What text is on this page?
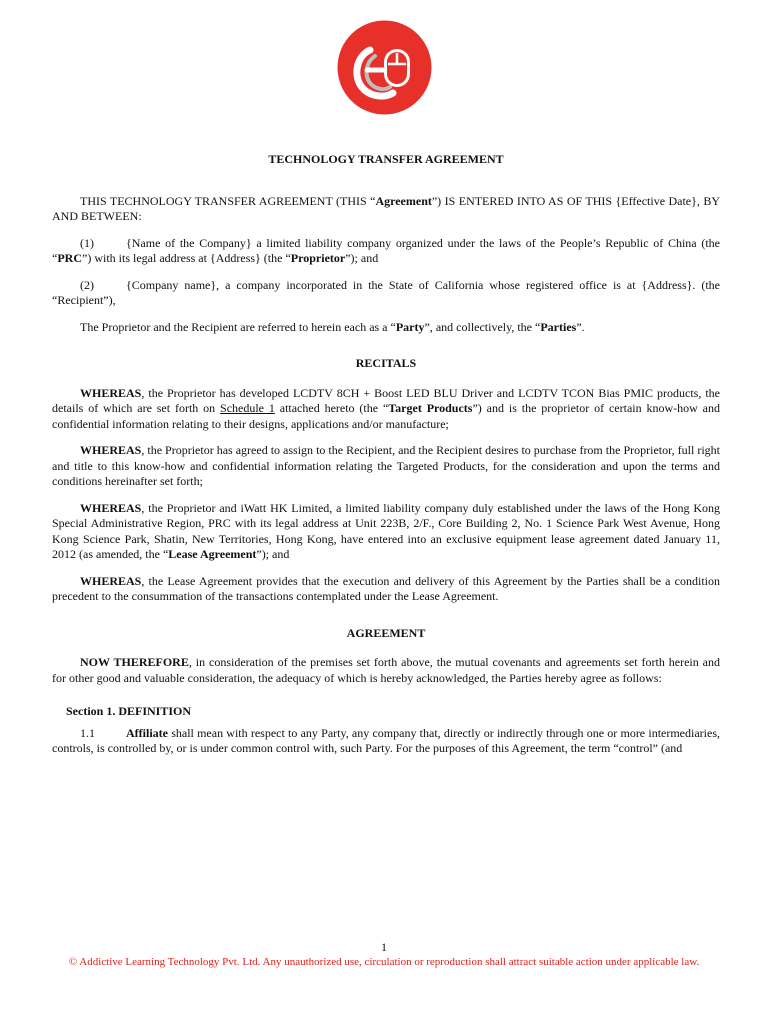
TECHNOLOGY TRANSFER AGREEMENT

THIS TECHNOLOGY TRANSFER AGREEMENT (THIS “Agreement”) IS ENTERED INTO AS OF THIS {Effective Date}, BY AND BETWEEN:

(1)	{Name of the Company} a limited liability company organized under the laws of the People’s Republic of China (the “PRC”) with its legal address at {Address} (the “Proprietor”); and

(2)	{Company name}, a company incorporated in the State of California whose registered office is at {Address}. (the “Recipient”),

The Proprietor and the Recipient are referred to herein each as a “Party”, and collectively, the “Parties”.

RECITALS

WHEREAS, the Proprietor has developed LCDTV 8CH + Boost LED BLU Driver and LCDTV TCON Bias PMIC products, the details of which are set forth on Schedule 1 attached hereto (the “Target Products”) and is the proprietor of certain know-how and confidential information relating to their designs, applications and/or manufacture;

WHEREAS, the Proprietor has agreed to assign to the Recipient, and the Recipient desires to purchase from the Proprietor, full right and title to this know-how and confidential information relating the Targeted Products, for the consideration and upon the terms and conditions hereinafter set forth;

WHEREAS, the Proprietor and iWatt HK Limited, a limited liability company duly established under the laws of the Hong Kong Special Administrative Region, PRC with its legal address at Unit 223B, 2/F., Core Building 2, No. 1 Science Park West Avenue, Hong Kong Science Park, Shatin, New Territories, Hong Kong, have entered into an exclusive equipment lease agreement dated January 11, 2012 (as amended, the “Lease Agreement”); and

WHEREAS, the Lease Agreement provides that the execution and delivery of this Agreement by the Parties shall be a condition precedent to the consummation of the transactions contemplated under the Lease Agreement.

AGREEMENT

NOW THEREFORE, in consideration of the premises set forth above, the mutual covenants and agreements set forth herein and for other good and valuable consideration, the adequacy of which is hereby acknowledged, the Parties hereby agree as follows:

Section 1. DEFINITION

1.1	Affiliate shall mean with respect to any Party, any company that, directly or indirectly through one or more intermediaries, controls, is controlled by, or is under common control with, such Party. For the purposes of this Agreement, the term “control” (and

1
© Addictive Learning Technology Pvt. Ltd. Any unauthorized use, circulation or reproduction shall attract suitable action under applicable law.
